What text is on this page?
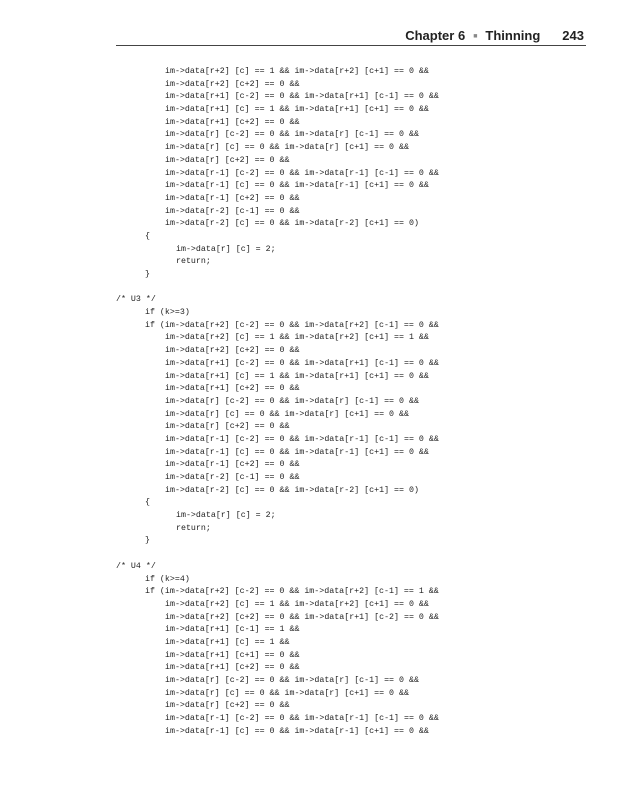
Chapter 6 ■ Thinning 243
im->data[r+2] [c] == 1 && im->data[r+2] [c+1] == 0 &&
im->data[r+2] [c+2] == 0 &&
im->data[r+1] [c-2] == 0 && im->data[r+1] [c-1] == 0 &&
im->data[r+1] [c] == 1 && im->data[r+1] [c+1] == 0 &&
im->data[r+1] [c+2] == 0 &&
im->data[r] [c-2] == 0 && im->data[r] [c-1] == 0 &&
im->data[r] [c] == 0 && im->data[r] [c+1] == 0 &&
im->data[r] [c+2] == 0 &&
im->data[r-1] [c-2] == 0 && im->data[r-1] [c-1] == 0 &&
im->data[r-1] [c] == 0 && im->data[r-1] [c+1] == 0 &&
im->data[r-1] [c+2] == 0 &&
im->data[r-2] [c-1] == 0 &&
im->data[r-2] [c] == 0 && im->data[r-2] [c+1] == 0)
{
im->data[r] [c] = 2;
return;
}
/* U3 */
if (k>=3)
if (im->data[r+2] [c-2] == 0 && im->data[r+2] [c-1] == 0 &&
im->data[r+2] [c] == 1 && im->data[r+2] [c+1] == 1 &&
im->data[r+2] [c+2] == 0 &&
im->data[r+1] [c-2] == 0 && im->data[r+1] [c-1] == 0 &&
im->data[r+1] [c] == 1 && im->data[r+1] [c+1] == 0 &&
im->data[r+1] [c+2] == 0 &&
im->data[r] [c-2] == 0 && im->data[r] [c-1] == 0 &&
im->data[r] [c] == 0 && im->data[r] [c+1] == 0 &&
im->data[r] [c+2] == 0 &&
im->data[r-1] [c-2] == 0 && im->data[r-1] [c-1] == 0 &&
im->data[r-1] [c] == 0 && im->data[r-1] [c+1] == 0 &&
im->data[r-1] [c+2] == 0 &&
im->data[r-2] [c-1] == 0 &&
im->data[r-2] [c] == 0 && im->data[r-2] [c+1] == 0)
{
im->data[r] [c] = 2;
return;
}
/* U4 */
if (k>=4)
if (im->data[r+2] [c-2] == 0 && im->data[r+2] [c-1] == 1 &&
im->data[r+2] [c] == 1 && im->data[r+2] [c+1] == 0 &&
im->data[r+2] [c+2] == 0 && im->data[r+1] [c-2] == 0 &&
im->data[r+1] [c-1] == 1 &&
im->data[r+1] [c] == 1 &&
im->data[r+1] [c+1] == 0 &&
im->data[r+1] [c+2] == 0 &&
im->data[r] [c-2] == 0 && im->data[r] [c-1] == 0 &&
im->data[r] [c] == 0 && im->data[r] [c+1] == 0 &&
im->data[r] [c+2] == 0 &&
im->data[r-1] [c-2] == 0 && im->data[r-1] [c-1] == 0 &&
im->data[r-1] [c] == 0 && im->data[r-1] [c+1] == 0 &&
